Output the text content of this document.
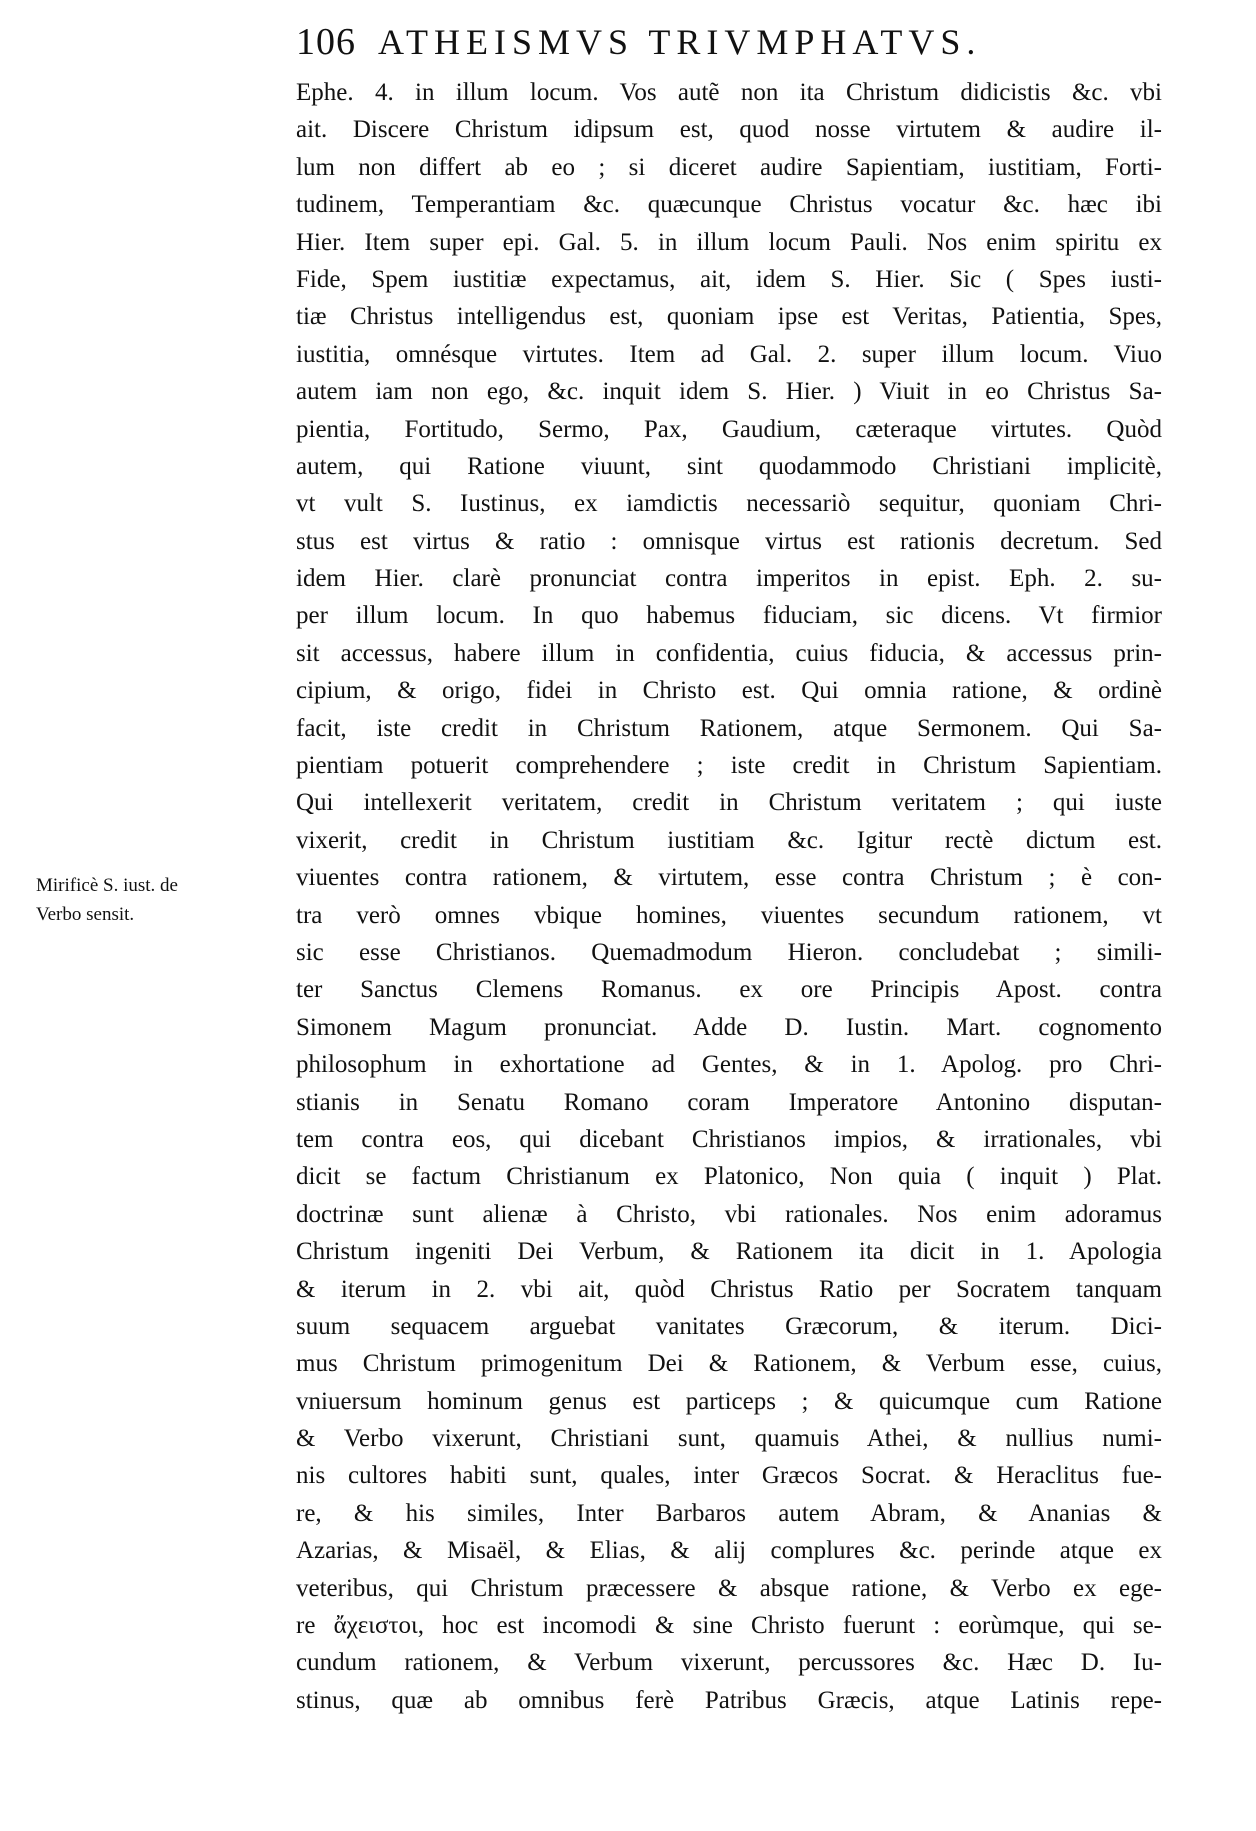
106 ATHEISMVS TRIVMPHATVS.
Mirificè S. iust. de
Verbo sensit.
Ephe. 4. in illum locum. Vos autẽ non ita Christum didicistis &c. vbi
ait. Discere Christum idipsum est, quod nosse virtutem & audire il-
lum non differt ab eo ; si diceret audire Sapientiam, iustitiam, Forti-
tudinem, Temperantiam &c. quæcunque Christus vocatur &c. hæc ibi
Hier. Item super epi. Gal. 5. in illum locum Pauli. Nos enim spiritu ex
Fide, Spem iustitiæ expectamus, ait, idem S. Hier. Sic ( Spes iusti-
tiæ Christus intelligendus est, quoniam ipse est Veritas, Patientia, Spes,
iustitia, omnésque virtutes. Item ad Gal. 2. super illum locum. Viuo
autem iam non ego, &c. inquit idem S. Hier. ) Viuit in eo Christus Sa-
pientia, Fortitudo, Sermo, Pax, Gaudium, cæteraque virtutes. Quòd
autem, qui Ratione viuunt, sint quodammodo Christiani implicitè,
vt vult S. Iustinus, ex iamdictis necessariò sequitur, quoniam Chri-
stus est virtus & ratio : omnisque virtus est rationis decretum. Sed
idem Hier. clarè pronunciat contra imperitos in epist. Eph. 2. su-
per illum locum. In quo habemus fiduciam, sic dicens. Vt firmior
sit accessus, habere illum in confidentia, cuius fiducia, & accessus prin-
cipium, & origo, fidei in Christo est. Qui omnia ratione, & ordinè
facit, iste credit in Christum Rationem, atque Sermonem. Qui Sa-
pientiam potuerit comprehendere ; iste credit in Christum Sapientiam.
Qui intellexerit veritatem, credit in Christum veritatem ; qui iuste
vixerit, credit in Christum iustitiam &c. Igitur rectè dictum est.
viuentes contra rationem, & virtutem, esse contra Christum ; è con-
tra verò omnes vbique homines, viuentes secundum rationem, vt
sic esse Christianos. Quemadmodum Hieron. concludebat ; simili-
ter Sanctus Clemens Romanus. ex ore Principis Apost. contra
Simonem Magum pronunciat. Adde D. Iustin. Mart. cognomento
philosophum in exhortatione ad Gentes, & in 1. Apolog. pro Chri-
stianis in Senatu Romano coram Imperatore Antonino disputan-
tem contra eos, qui dicebant Christianos impios, & irrationales, vbi
dicit se factum Christianum ex Platonico, Non quia ( inquit ) Plat.
doctrinæ sunt alienæ à Christo, vbi rationales. Nos enim adoramus
Christum ingeniti Dei Verbum, & Rationem ita dicit in 1. Apologia
& iterum in 2. vbi ait, quòd Christus Ratio per Socratem tanquam
suum sequacem arguebat vanitates Græcorum, & iterum. Dici-
mus Christum primogenitum Dei & Rationem, & Verbum esse, cuius,
vniuersum hominum genus est particeps ; & quicumque cum Ratione
& Verbo vixerunt, Christiani sunt, quamuis Athei, & nullius numi-
nis cultores habiti sunt, quales, inter Græcos Socrat. & Heraclitus fue-
re, & his similes, Inter Barbaros autem Abram, & Ananias &
Azarias, & Misaël, & Elias, & alij complures &c. perinde atque ex
veteribus, qui Christum præcessere & absque ratione, & Verbo ex ege-
re ἄχειστοι, hoc est incomodi & sine Christo fuerunt : eorùmque, qui se-
cundum rationem, & Verbum vixerunt, percussores &c. Hæc D. Iu-
stinus, quæ ab omnibus ferè Patribus Græcis, atque Latinis repe-
